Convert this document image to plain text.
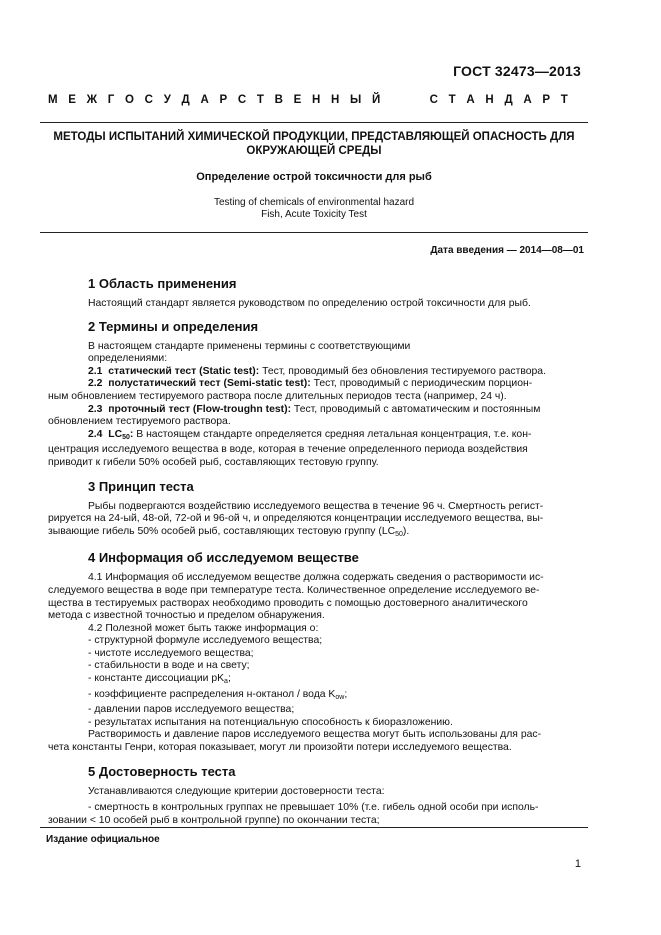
ГОСТ 32473—2013
М Е Ж Г О С У Д А Р С Т В Е Н Н Ы Й	С Т А Н Д А Р Т

МЕТОДЫ ИСПЫТАНИЙ ХИМИЧЕСКОЙ ПРОДУКЦИИ, ПРЕДСТАВЛЯЮЩЕЙ ОПАСНОСТЬ ДЛЯ
ОКРУЖАЮЩЕЙ СРЕДЫ

Определение острой токсичности для рыб

Testing of chemicals of environmental hazard
Fish, Acute Toxicity Test

Дата введения — 2014—08—01

1 Область применения

Настоящий стандарт является руководством по определению острой токсичности для рыб.

2 Термины и определения

В настоящем стандарте применены термины с соответствующими
определениями:

2.1 статический тест (Static test): Тест, проводимый без обновления тестируемого раствора.

2.2 полустатический тест (Semi-static test): Тест, проводимый с периодическим порцион-

ным обновлением тестируемого раствора после длительных периодов теста (например, 24 ч).

2.3 проточный тест (Flow-troughn test): Тест, проводимый с автоматическим и постоянным

обновлением тестируемого раствора.

2.4 $LC_{50}$: В настоящем стандарте определяется средняя летальная концентрация, т.е. кон-

центрация исследуемого вещества в воде, которая в течение определенного периода воздействия
приводит к гибели 50% особей рыб, составляющих тестовую группу.

3 Принцип теста

Рыбы подвергаются воздействию исследуемого вещества в течение 96 ч. Смертность регист-

рируется на 24-ый, 48-ой, 72-ой и 96-ой ч, и определяются концентрации исследуемого вещества, вы-
зывающие гибель 50% особей рыб, составляющих тестовую группу $(LC_{50})$.

4 Информация об исследуемом веществе

4.1 Информация об исследуемом веществе должна содержать сведения о растворимости ис-

следуемого вещества в воде при температуре теста. Количественное определение исследуемого ве-
щества в тестируемых растворах необходимо проводить с помощью достоверного аналитического
метода с известной точностью и пределом обнаружения.

4.2 Полезной может быть также информация о:

- структурной формуле исследуемого вещества;

- чистоте исследуемого вещества;

- стабильности в воде и на свету;

- константе диссоциации $pK_a$;

- коэффициенте распределения н-октанол / вода $K_{ow}$;

- давлении паров исследуемого вещества;

- результатах испытания на потенциальную способность к биоразложению.

Растворимость и давление паров исследуемого вещества могут быть использованы для рас-

чета константы Генри, которая показывает, могут ли произойти потери исследуемого вещества.

5 Достоверность теста

Устанавливаются следующие критерии достоверности теста:

- смертность в контрольных группах не превышает 10% (т.е. гибель одной особи при исполь-

зовании < 10 особей рыб в контрольной группе) по окончании теста;

Издание официальное
1
